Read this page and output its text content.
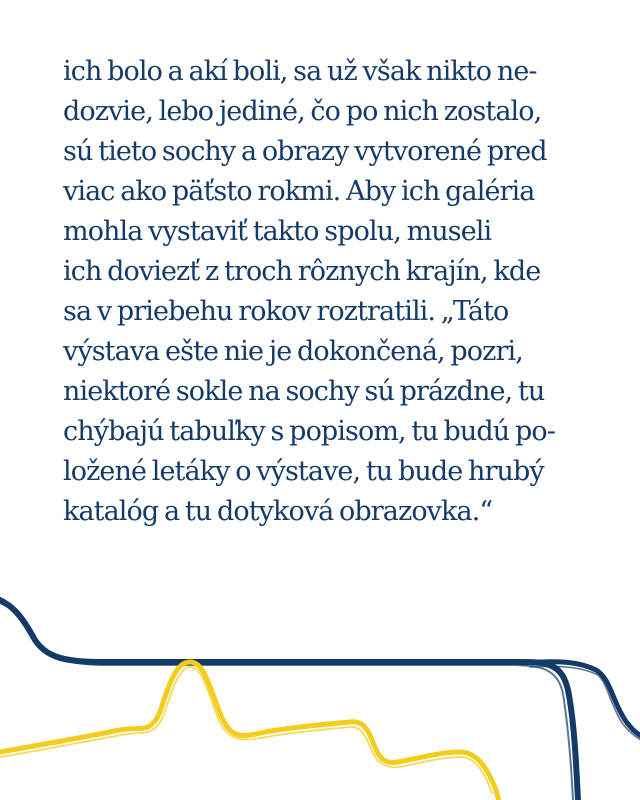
ich bolo a akí boli, sa už však nikto ne-
dozvie, lebo jediné, čo po nich zostalo,
sú tieto sochy a obrazy vytvorené pred
viac ako päťsto rokmi. Aby ich galéria
mohla vystaviť takto spolu, museli
ich doviezť z troch rôznych krajín, kde
sa v priebehu rokov roztratili. „Táto
výstava ešte nie je dokončená, pozri,
niektoré sokle na sochy sú prázdne, tu
chýbajú tabuľky s popisom, tu budú po-
ložené letáky o výstave, tu bude hrubý
katalóg a tu dotyková obrazovka.“
